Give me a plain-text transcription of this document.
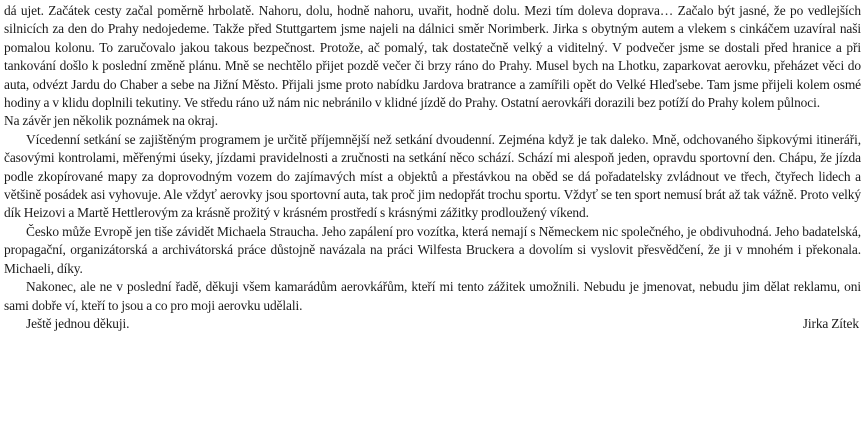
dá ujet. Začátek cesty začal poměrně hrbolatě. Nahoru, dolu, hodně nahoru, uvařit, hodně dolu. Mezi tím doleva doprava… Začalo být jasné, že po vedlejších silnicích za den do Prahy nedojedeme. Takže před Stuttgartem jsme najeli na dálnici směr Norimberk. Jirka s obytným autem a vlekem s cinkáčem uzavíral naši pomalou kolonu. To zaručovalo jakou takous bezpečnost. Protože, ač pomalý, tak dostatečně velký a viditelný. V podvečer jsme se dostali před hranice a při tankování došlo k poslední změně plánu. Mně se nechtělo přijet pozdě večer či brzy ráno do Prahy. Musel bych na Lhotku, zaparkovat aerovku, přeházet věci do auta, odvézt Jardu do Chaber a sebe na Jižní Město. Přijali jsme proto nabídku Jardova bratrance a zamířili opět do Velké Hleďsebe. Tam jsme přijeli kolem osmé hodiny a v klidu doplnili tekutiny. Ve středu ráno už nám nic nebránilo v klidné jízdě do Prahy. Ostatní aerovkáři dorazili bez potíží do Prahy kolem půlnoci.

Na závěr jen několik poznámek na okraj.

Vícedenní setkání se zajištěným programem je určitě příjemnější než setkání dvoudenní. Zejména když je tak daleko. Mně, odchovaného šipkovými itineráři, časovými kontrolami, měřenými úseky, jízdami pravidelnosti a zručnosti na setkání něco schází. Schází mi alespoň jeden, opravdu sportovní den. Chápu, že jízda podle zkopírované mapy za doprovodným vozem do zajímavých míst a objektů a přestávkou na oběd se dá pořadatelsky zvládnout ve třech, čtyřech lidech a většině posádek asi vyhovuje. Ale vždyť aerovky jsou sportovní auta, tak proč jim nedopřát trochu sportu. Vždyť se ten sport nemusí brát až tak vážně. Proto velký dík Heizovi a Martě Hettlerovým za krásně prožitý v krásném prostředí s krásnými zážitky prodloužený víkend.

Česko může Evropě jen tiše závidět Michaela Straucha. Jeho zapálení pro vozítka, která nemají s Německem nic společného, je obdivuhodná. Jeho badatelská, propagační, organizátorská a archivátorská práce důstojně navázala na práci Wilfesta Bruckera a dovolím si vyslovit přesvědčení, že ji v mnohém i překonala. Michaeli, díky.

Nakonec, ale ne v poslední řadě, děkuji všem kamarádům aerovkářům, kteří mi tento zážitek umožnili. Nebudu je jmenovat, nebudu jim dělat reklamu, oni sami dobře ví, kteří to jsou a co pro moji aerovku udělali.

Ještě jednou děkuji.	Jirka Zítek
